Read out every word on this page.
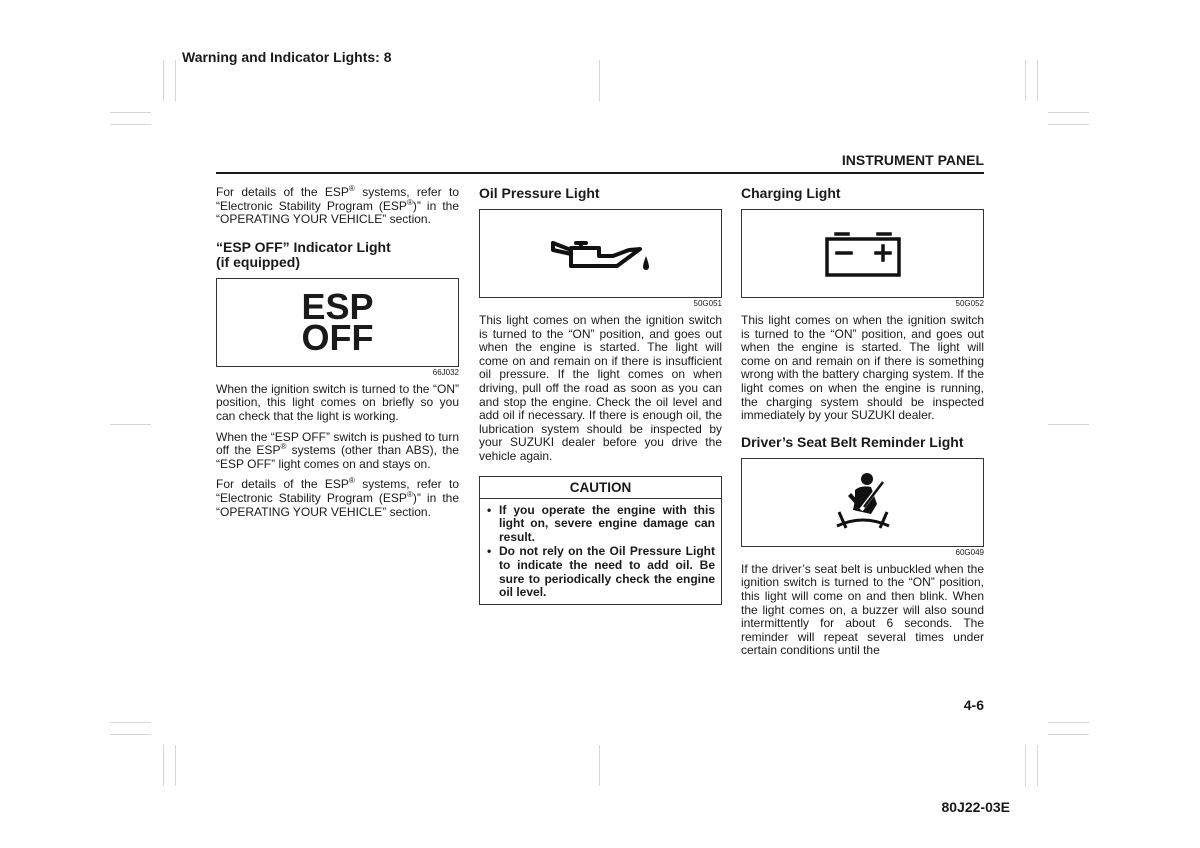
Warning and Indicator Lights: 8
INSTRUMENT PANEL

For details of the ESP® systems, refer to “Electronic Stability Program (ESP®)” in the “OPERATING YOUR VEHICLE” section.

“ESP OFF” Indicator Light
(if equipped)
ESP
OFF
66J032

When the ignition switch is turned to the “ON” position, this light comes on briefly so you can check that the light is working.

When the “ESP OFF” switch is pushed to turn off the ESP® systems (other than ABS), the “ESP OFF” light comes on and stays on.

For details of the ESP® systems, refer to “Electronic Stability Program (ESP®)” in the “OPERATING YOUR VEHICLE” section.

Oil Pressure Light
50G051

This light comes on when the ignition switch is turned to the “ON” position, and goes out when the engine is started. The light will come on and remain on if there is insufficient oil pressure. If the light comes on when driving, pull off the road as soon as you can and stop the engine. Check the oil level and add oil if necessary. If there is enough oil, the lubrication system should be inspected by your SUZUKI dealer before you drive the vehicle again.

CAUTION
• If you operate the engine with this light on, severe engine damage can result.
• Do not rely on the Oil Pressure Light to indicate the need to add oil. Be sure to periodically check the engine oil level.
Charging Light
50G052

This light comes on when the ignition switch is turned to the “ON” position, and goes out when the engine is started. The light will come on and remain on if there is something wrong with the battery charging system. If the light comes on when the engine is running, the charging system should be inspected immediately by your SUZUKI dealer.

Driver’s Seat Belt Reminder Light
60G049

If the driver’s seat belt is unbuckled when the ignition switch is turned to the “ON” position, this light will come on and then blink. When the light comes on, a buzzer will also sound intermittently for about 6 seconds. The reminder will repeat several times under certain conditions until the

4-6
80J22-03E
